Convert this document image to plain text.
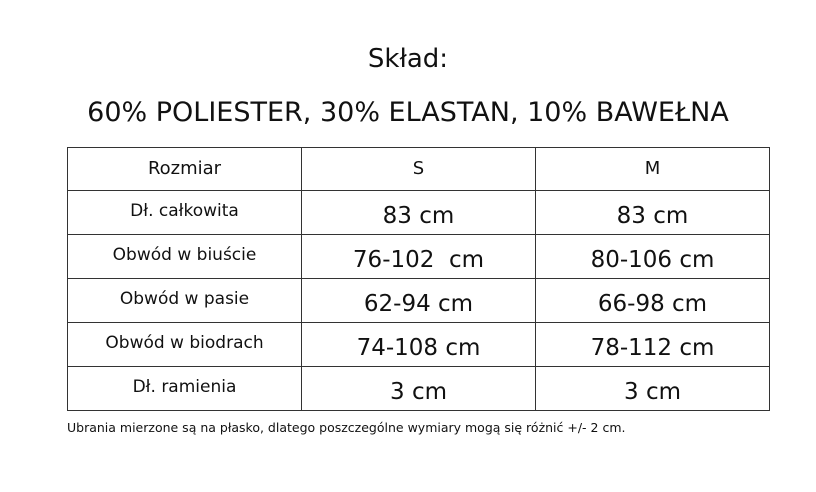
Skład:
60% POLIESTER, 30% ELASTAN, 10% BAWEŁNA
Rozmiar	S	M
Dł. całkowita	83 cm	83 cm
Obwód w biuście	76-102  cm	80-106 cm
Obwód w pasie	62-94 cm	66-98 cm
Obwód w biodrach	74-108 cm	78-112 cm
Dł. ramienia	3 cm	3 cm

Ubrania mierzone są na płasko, dlatego poszczególne wymiary mogą się różnić +/- 2 cm.
